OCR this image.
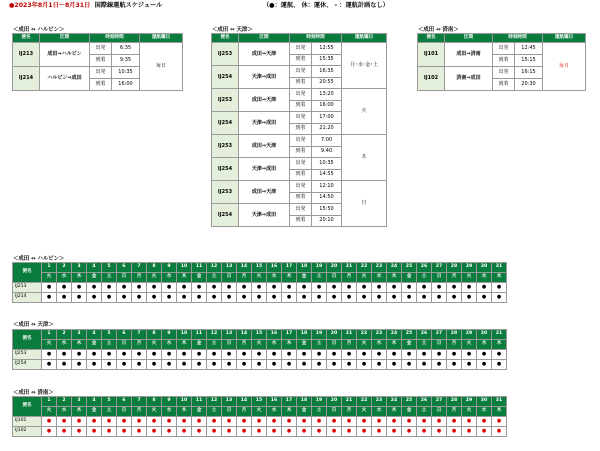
●2023年8月1日～8月31日 国際線運航スケジュール	（●：運航、 休：運休、 - ：運航計画なし）
＜成田 ⇔ ハルビン＞
便名	区間	時刻時間		運航曜日
IJ213	成田⇒ハルビン	出発	6:35	毎日
		到着	9:35	
IJ214	ハルビン⇒成田	出発	10:35	
		到着	16:00	
＜成田 ⇔ 天津＞
便名	区間	時刻時間		運航曜日
IJ253	成田⇒天津	出発	12:55	月･水･金･土
		到着	15:35	
IJ254	天津⇒成田	出発	16:35	
		到着	20:55	
IJ253	成田⇒天津	出発	13:20	火
		到着	16:00	
IJ254	天津⇒成田	出発	17:00	
		到着	21:20	
IJ253	成田⇒天津	出発	7:00	木
		到着	9:40	
IJ254	天津⇒成田	出発	10:35	
		到着	14:55	
IJ253	成田⇒天津	出発	12:10	日
		到着	14:50	
IJ254	天津⇒成田	出発	15:50	
		到着	20:10	
＜成田 ⇔ 済南＞
便名	区間	時刻時間		運航曜日
IJ101	成田⇒済南	出発	12:45	毎日
		到着	15:15	
IJ102	済南⇒成田	出発	16:15	
		到着	20:30	
＜成田 ⇔ ハルビン＞
便名	1	2	3	4	5	6	7	8	9	10	11	12	13	14	15	16	17	18	19	20	21	22	23	24	25	26	27	28	29	30	31
	火	水	木	金	土	日	月	火	水	木	金	土	日	月	火	水	木	金	土	日	月	火	水	木	金	土	日	月	火	水	木
IJ213	●	●	●	●	●	●	●	●	●	●	●	●	●	●	●	●	●	●	●	●	●	●	●	●	●	●	●	●	●	●	●
IJ214	●	●	●	●	●	●	●	●	●	●	●	●	●	●	●	●	●	●	●	●	●	●	●	●	●	●	●	●	●	●	●
＜成田 ⇔ 天津＞
便名	1	2	3	4	5	6	7	8	9	10	11	12	13	14	15	16	17	18	19	20	21	22	23	24	25	26	27	28	29	30	31
	火	水	木	金	土	日	月	火	水	木	金	土	日	月	火	水	木	金	土	日	月	火	水	木	金	土	日	月	火	水	木
IJ253	●	●	●	●	●	●	●	●	●	●	●	●	●	●	●	●	●	●	●	●	●	●	●	●	●	●	●	●	●	●	●
IJ254	●	●	●	●	●	●	●	●	●	●	●	●	●	●	●	●	●	●	●	●	●	●	●	●	●	●	●	●	●	●	●
＜成田 ⇔ 済南＞
便名	1	2	3	4	5	6	7	8	9	10	11	12	13	14	15	16	17	18	19	20	21	22	23	24	25	26	27	28	29	30	31
	火	水	木	金	土	日	月	火	水	木	金	土	日	月	火	水	木	金	土	日	月	火	水	木	金	土	日	月	火	水	木
IJ101	●	●	●	●	●	●	●	●	●	●	●	●	●	●	●	●	●	●	●	●	●	●	●	●	●	●	●	●	●	●	●
IJ102	●	●	●	●	●	●	●	●	●	●	●	●	●	●	●	●	●	●	●	●	●	●	●	●	●	●	●	●	●	●	●
